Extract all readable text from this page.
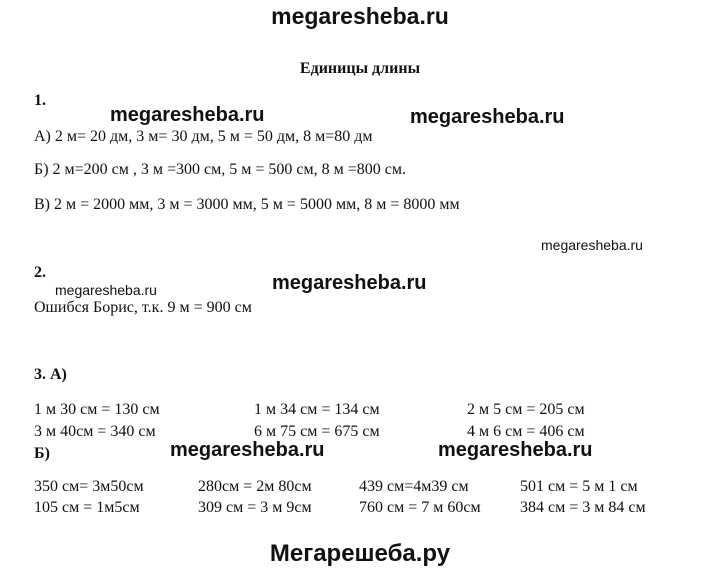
megaresheba.ru
Единицы длины
1.
megaresheba.ru	megaresheba.ru
А) 2 м= 20 дм, 3 м= 30 дм, 5 м = 50 дм, 8 м=80 дм
Б) 2 м=200 см , 3 м =300 см, 5 м = 500 см, 8 м =800 см.
В) 2 м = 2000 мм, 3 м = 3000 мм, 5 м = 5000 мм, 8 м = 8000 мм
megaresheba.ru
2.
megaresheba.ru	megaresheba.ru
Ошибся Борис, т.к. 9 м = 900 см
3. А)
1 м 30 см = 130 см	1 м 34 см = 134 см	2 м 5 см = 205 см
3 м 40см = 340 см	6 м 75 см = 675 см	4 м 6 см = 406 см
Б)	megaresheba.ru	megaresheba.ru
350 см= 3м50см	280см = 2м 80см	439 см=4м39 см	501 см = 5 м 1 см
105 см = 1м5см	309 см = 3 м 9см	760 см = 7 м 60см 384 см = 3 м 84 см
Мегарешеба.ру
